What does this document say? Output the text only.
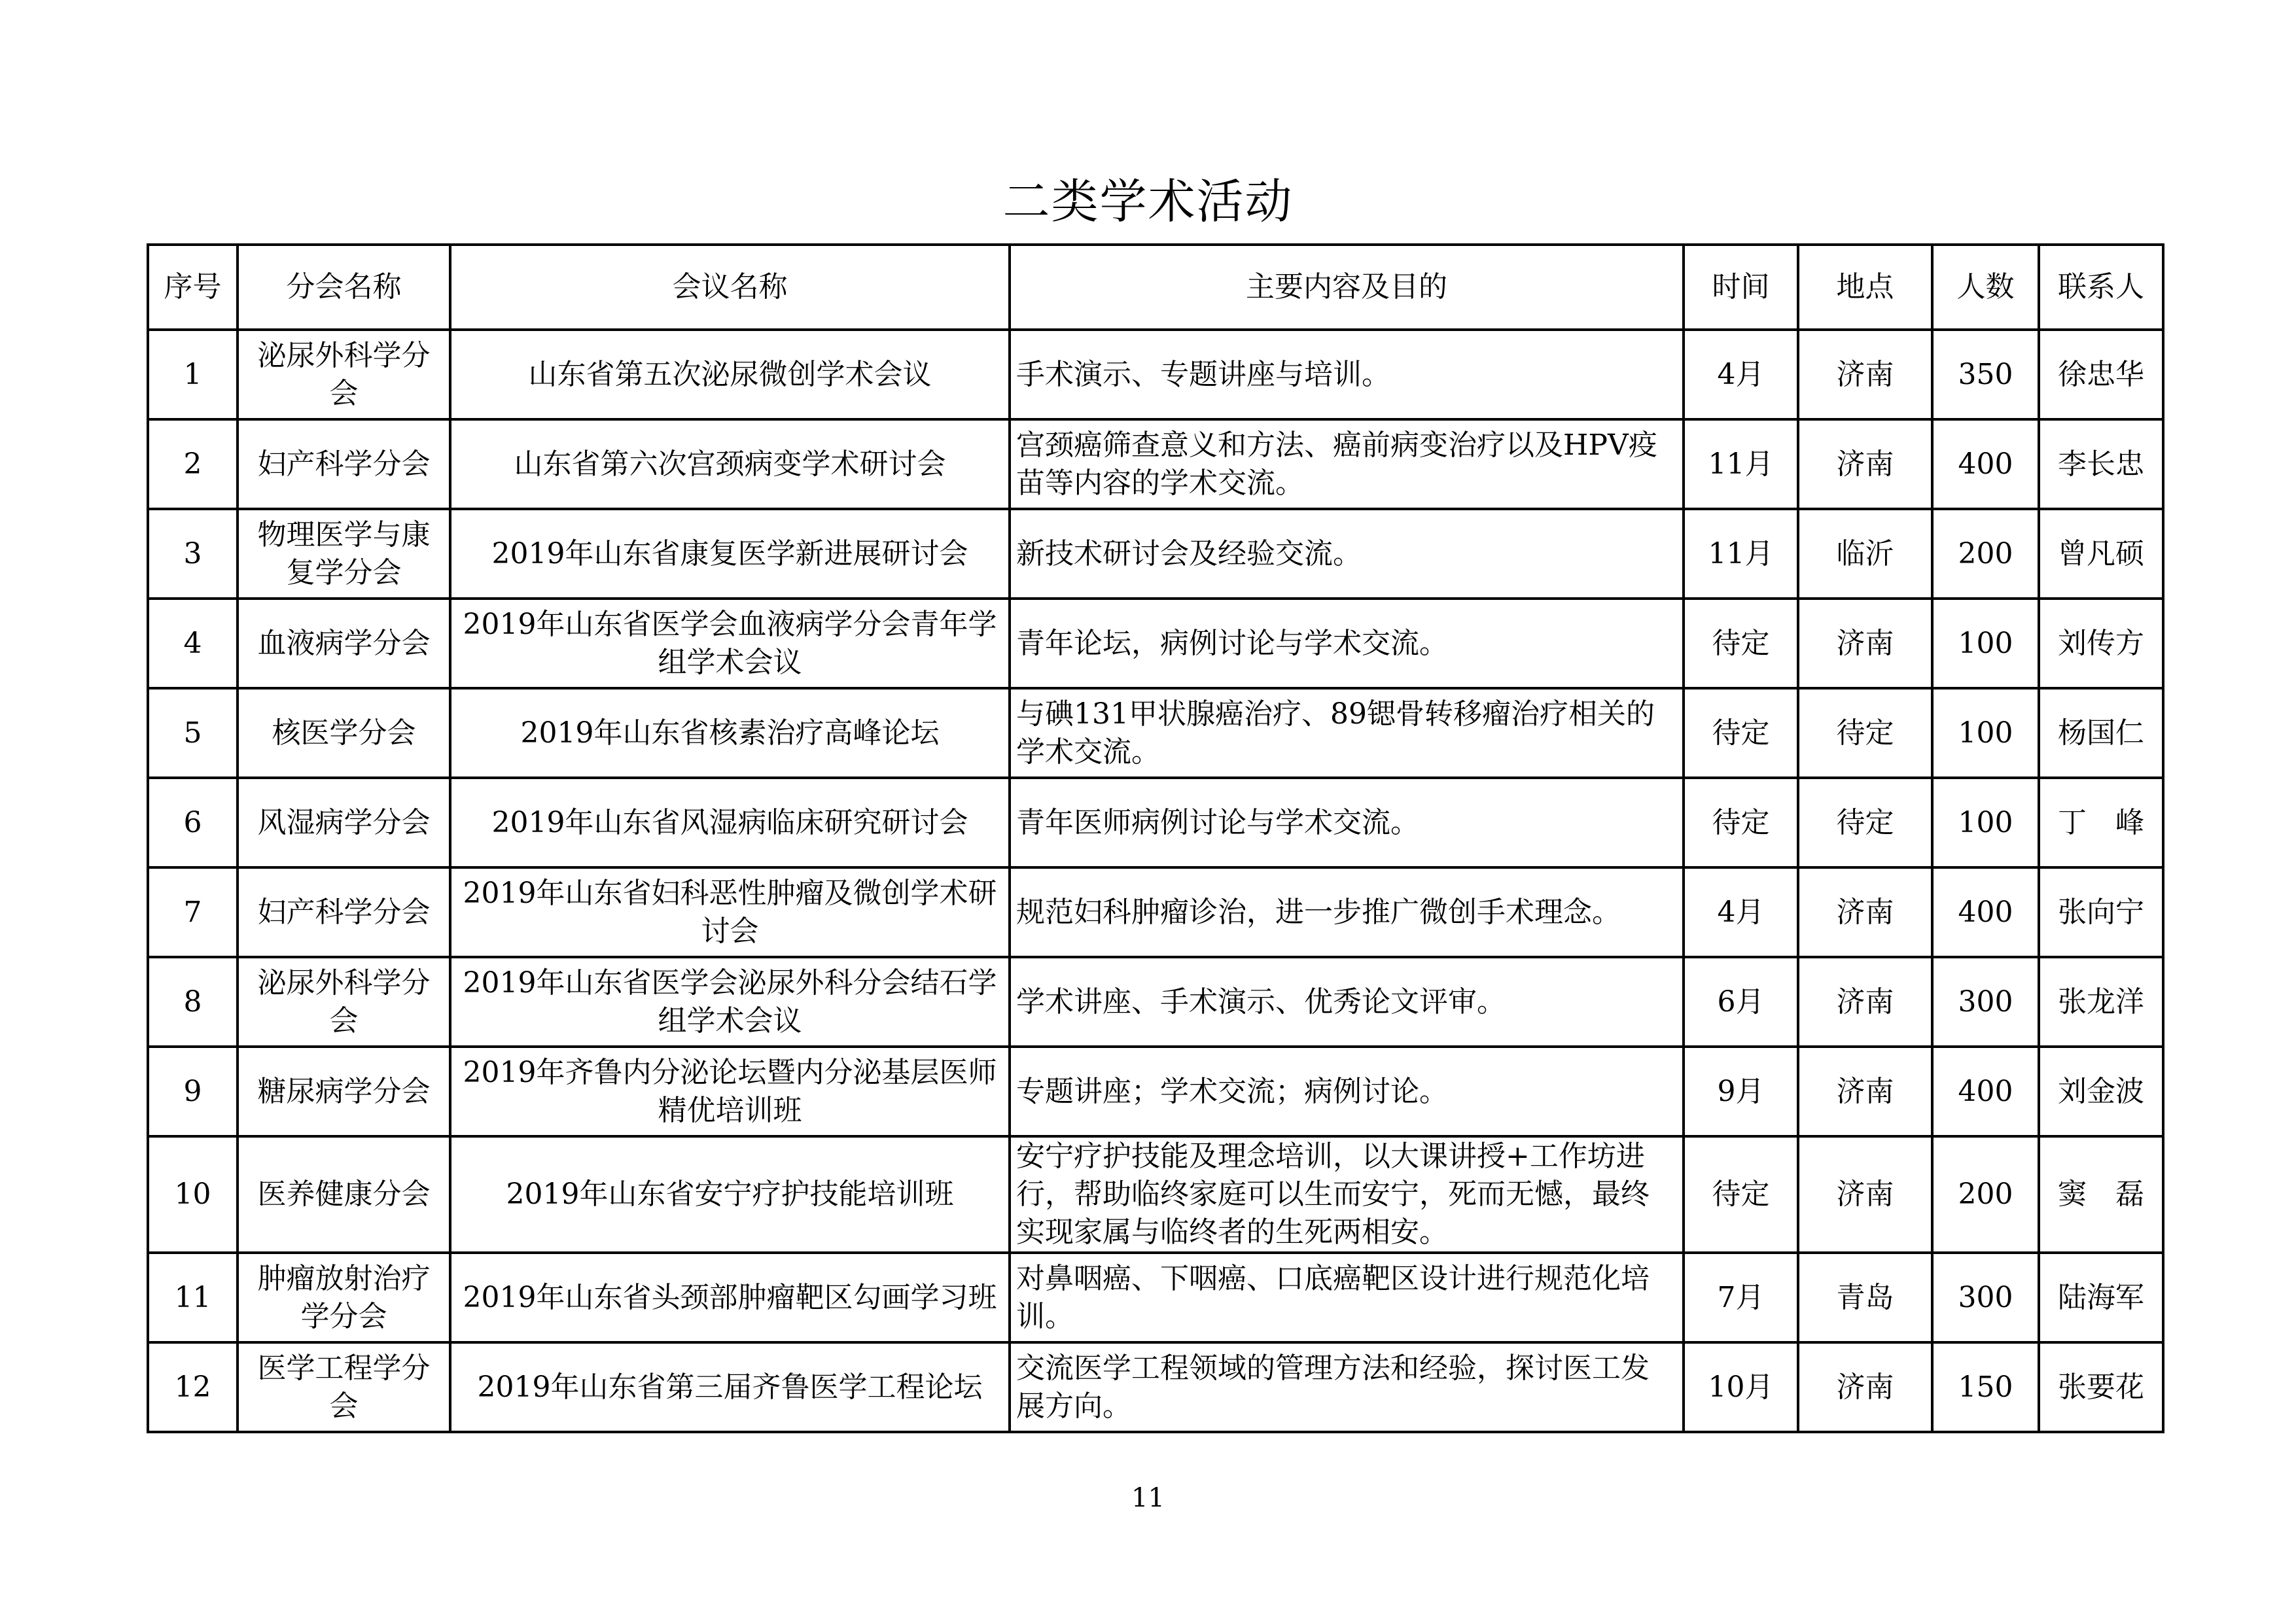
二类学术活动
序号	分会名称	会议名称	主要内容及目的	时间	地点	人数	联系人
1	泌尿外科学分会	山东省第五次泌尿微创学术会议	手术演示、专题讲座与培训。	4月	济南	350	徐忠华
2	妇产科学分会	山东省第六次宫颈病变学术研讨会	宫颈癌筛查意义和方法、癌前病变治疗以及HPV疫苗等内容的学术交流。	11月	济南	400	李长忠
3	物理医学与康复学分会	2019年山东省康复医学新进展研讨会	新技术研讨会及经验交流。	11月	临沂	200	曾凡硕
4	血液病学分会	2019年山东省医学会血液病学分会青年学组学术会议	青年论坛，病例讨论与学术交流。	待定	济南	100	刘传方
5	核医学分会	2019年山东省核素治疗高峰论坛	与碘131甲状腺癌治疗、89锶骨转移瘤治疗相关的学术交流。	待定	待定	100	杨国仁
6	风湿病学分会	2019年山东省风湿病临床研究研讨会	青年医师病例讨论与学术交流。	待定	待定	100	丁　峰
7	妇产科学分会	2019年山东省妇科恶性肿瘤及微创学术研讨会	规范妇科肿瘤诊治，进一步推广微创手术理念。	4月	济南	400	张向宁
8	泌尿外科学分会	2019年山东省医学会泌尿外科分会结石学组学术会议	学术讲座、手术演示、优秀论文评审。	6月	济南	300	张龙洋
9	糖尿病学分会	2019年齐鲁内分泌论坛暨内分泌基层医师精优培训班	专题讲座；学术交流；病例讨论。	9月	济南	400	刘金波
10	医养健康分会	2019年山东省安宁疗护技能培训班	安宁疗护技能及理念培训，以大课讲授+工作坊进行，帮助临终家庭可以生而安宁，死而无憾，最终实现家属与临终者的生死两相安。	待定	济南	200	窦　磊
11	肿瘤放射治疗学分会	2019年山东省头颈部肿瘤靶区勾画学习班	对鼻咽癌、下咽癌、口底癌靶区设计进行规范化培训。	7月	青岛	300	陆海军
12	医学工程学分会	2019年山东省第三届齐鲁医学工程论坛	交流医学工程领域的管理方法和经验，探讨医工发展方向。	10月	济南	150	张要花
11
